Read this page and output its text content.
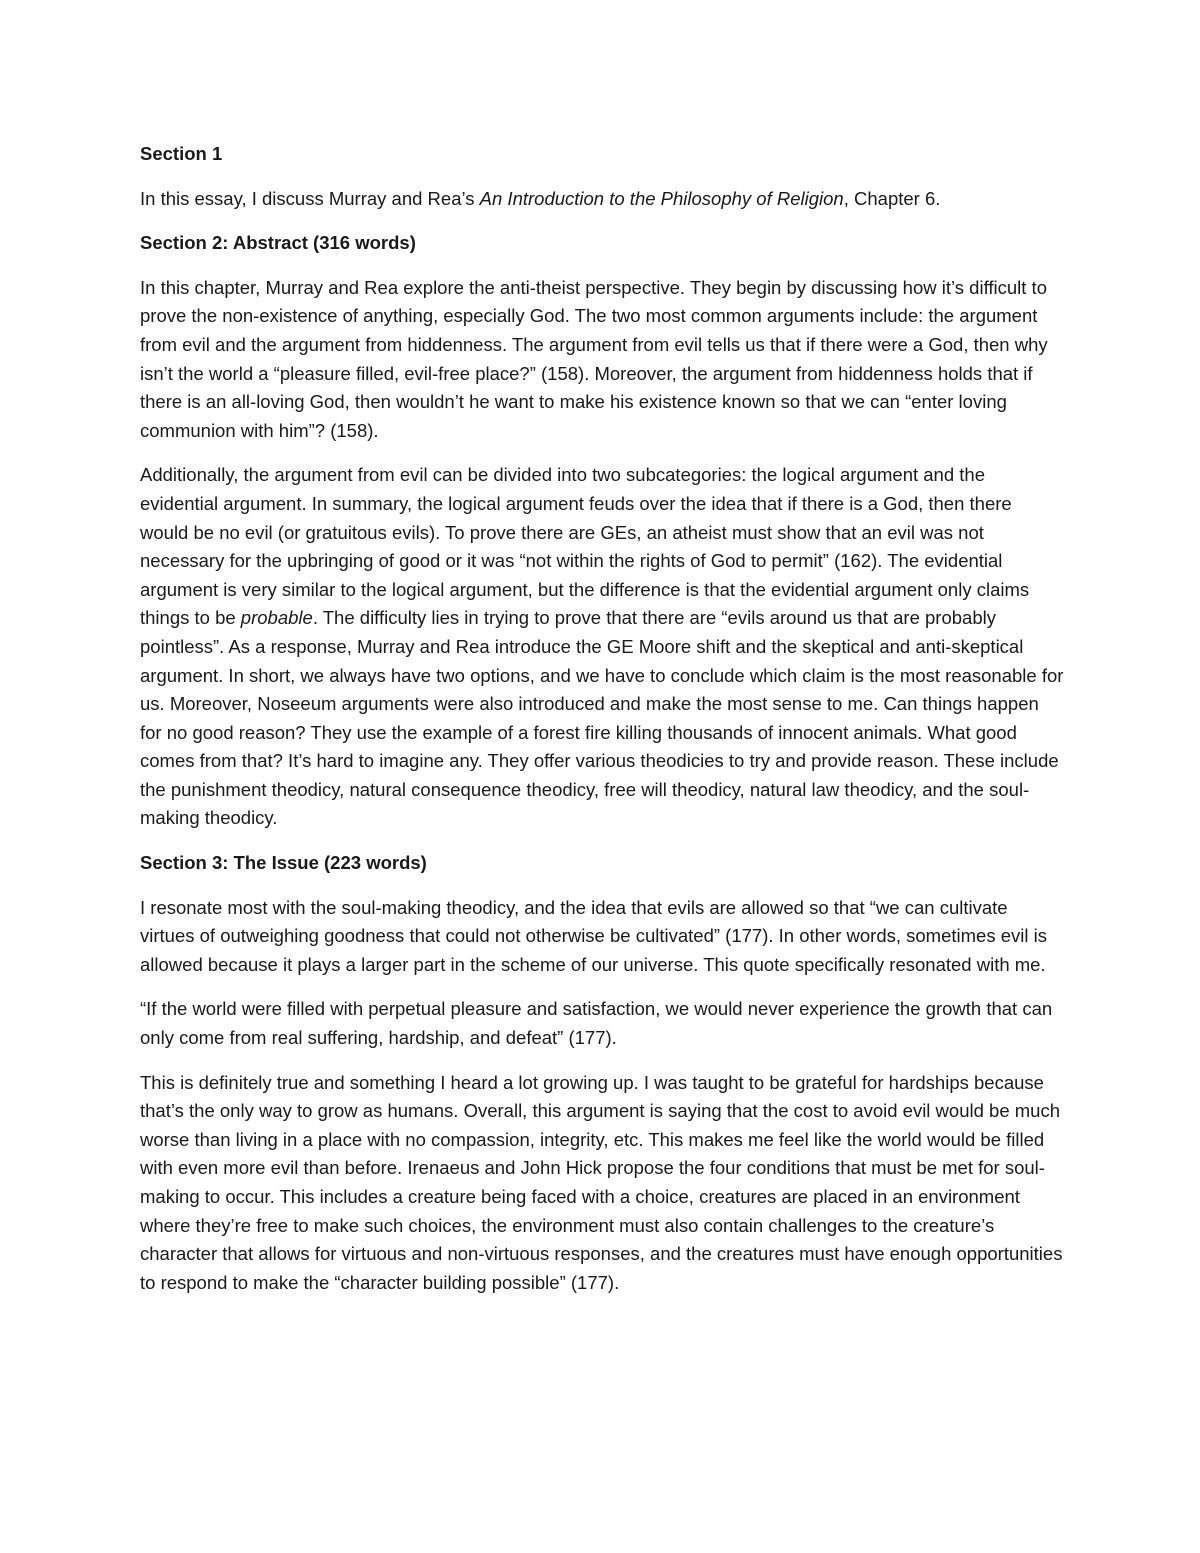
Section 1

In this essay, I discuss Murray and Rea’s An Introduction to the Philosophy of Religion, Chapter 6.

Section 2: Abstract (316 words)

In this chapter, Murray and Rea explore the anti-theist perspective. They begin by discussing how it’s difficult to prove the non-existence of anything, especially God. The two most common arguments include: the argument from evil and the argument from hiddenness. The argument from evil tells us that if there were a God, then why isn’t the world a “pleasure filled, evil-free place?” (158). Moreover, the argument from hiddenness holds that if there is an all-loving God, then wouldn’t he want to make his existence known so that we can “enter loving communion with him”? (158).

Additionally, the argument from evil can be divided into two subcategories: the logical argument and the evidential argument. In summary, the logical argument feuds over the idea that if there is a God, then there would be no evil (or gratuitous evils). To prove there are GEs, an atheist must show that an evil was not necessary for the upbringing of good or it was “not within the rights of God to permit” (162). The evidential argument is very similar to the logical argument, but the difference is that the evidential argument only claims things to be probable. The difficulty lies in trying to prove that there are “evils around us that are probably pointless”. As a response, Murray and Rea introduce the GE Moore shift and the skeptical and anti-skeptical argument. In short, we always have two options, and we have to conclude which claim is the most reasonable for us. Moreover, Noseeum arguments were also introduced and make the most sense to me. Can things happen for no good reason? They use the example of a forest fire killing thousands of innocent animals. What good comes from that? It’s hard to imagine any. They offer various theodicies to try and provide reason. These include the punishment theodicy, natural consequence theodicy, free will theodicy, natural law theodicy, and the soul-making theodicy.

Section 3: The Issue (223 words)

I resonate most with the soul-making theodicy, and the idea that evils are allowed so that “we can cultivate virtues of outweighing goodness that could not otherwise be cultivated” (177). In other words, sometimes evil is allowed because it plays a larger part in the scheme of our universe. This quote specifically resonated with me.

“If the world were filled with perpetual pleasure and satisfaction, we would never experience the growth that can only come from real suffering, hardship, and defeat” (177).

This is definitely true and something I heard a lot growing up. I was taught to be grateful for hardships because that’s the only way to grow as humans. Overall, this argument is saying that the cost to avoid evil would be much worse than living in a place with no compassion, integrity, etc. This makes me feel like the world would be filled with even more evil than before. Irenaeus and John Hick propose the four conditions that must be met for soul-making to occur. This includes a creature being faced with a choice, creatures are placed in an environment where they’re free to make such choices, the environment must also contain challenges to the creature’s character that allows for virtuous and non-virtuous responses, and the creatures must have enough opportunities to respond to make the “character building possible” (177).
